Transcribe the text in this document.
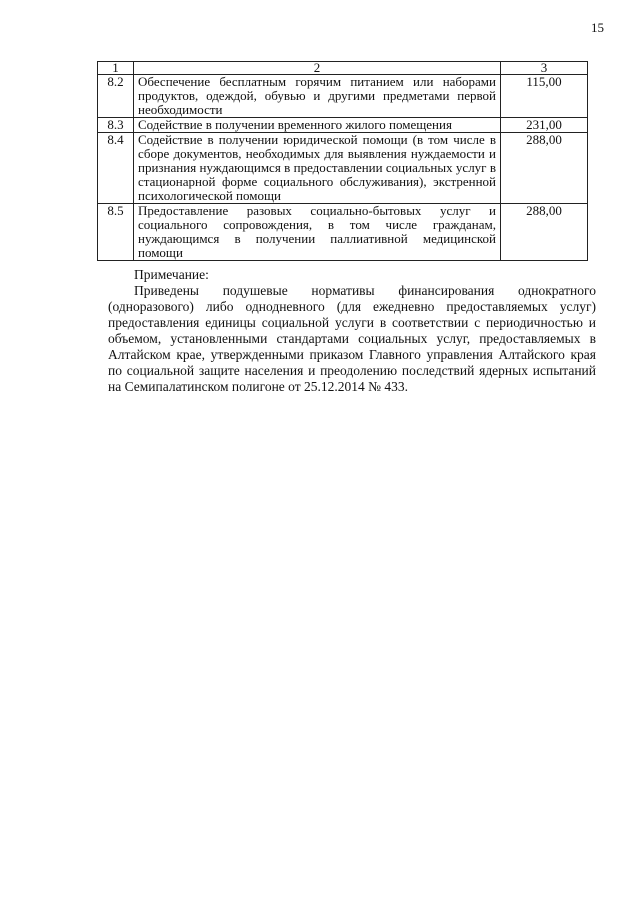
15
1	2	3
8.2	Обеспечение бесплатным горячим питанием или наборами продуктов, одеждой, обувью и другими предметами первой необходимости	115,00
8.3	Содействие в получении временного жилого помещения	231,00
8.4	Содействие в получении юридической помощи (в том числе в сборе документов, необходимых для выявления нуждаемости и признания нуждающимся в предоставлении социальных услуг в стационарной форме социального обслуживания), экстренной психологической помощи	288,00
8.5	Предоставление разовых социально-бытовых услуг и социального сопровождения, в том числе гражданам, нуждающимся в получении паллиативной медицинской помощи	288,00
Примечание:
Приведены подушевые нормативы финансирования однократного (одноразового) либо однодневного (для ежедневно предоставляемых услуг) предоставления единицы социальной услуги в соответствии с периодичностью и объемом, установленными стандартами социальных услуг, предоставляемых в Алтайском крае, утвержденными приказом Главного управления Алтайского края по социальной защите населения и преодолению последствий ядерных испытаний на Семипалатинском полигоне от 25.12.2014 № 433.
